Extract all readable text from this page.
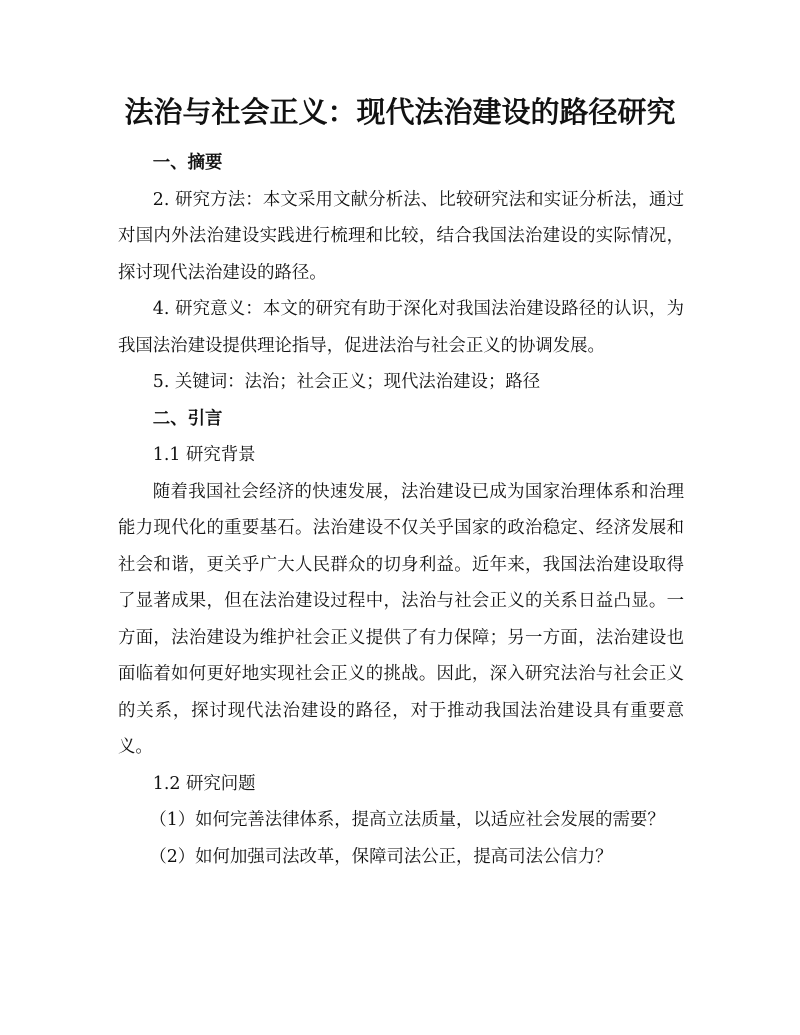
法治与社会正义：现代法治建设的路径研究

一、摘要

2. 研究方法：本文采用文献分析法、比较研究法和实证分析法，通过对国内外法治建设实践进行梳理和比较，结合我国法治建设的实际情况，探讨现代法治建设的路径。

4. 研究意义：本文的研究有助于深化对我国法治建设路径的认识，为我国法治建设提供理论指导，促进法治与社会正义的协调发展。

5. 关键词：法治；社会正义；现代法治建设；路径

二、引言

1.1 研究背景

随着我国社会经济的快速发展，法治建设已成为国家治理体系和治理能力现代化的重要基石。法治建设不仅关乎国家的政治稳定、经济发展和社会和谐，更关乎广大人民群众的切身利益。近年来，我国法治建设取得了显著成果，但在法治建设过程中，法治与社会正义的关系日益凸显。一方面，法治建设为维护社会正义提供了有力保障；另一方面，法治建设也面临着如何更好地实现社会正义的挑战。因此，深入研究法治与社会正义的关系，探讨现代法治建设的路径，对于推动我国法治建设具有重要意义。

1.2 研究问题

（1）如何完善法律体系，提高立法质量，以适应社会发展的需要？

（2）如何加强司法改革，保障司法公正，提高司法公信力？
